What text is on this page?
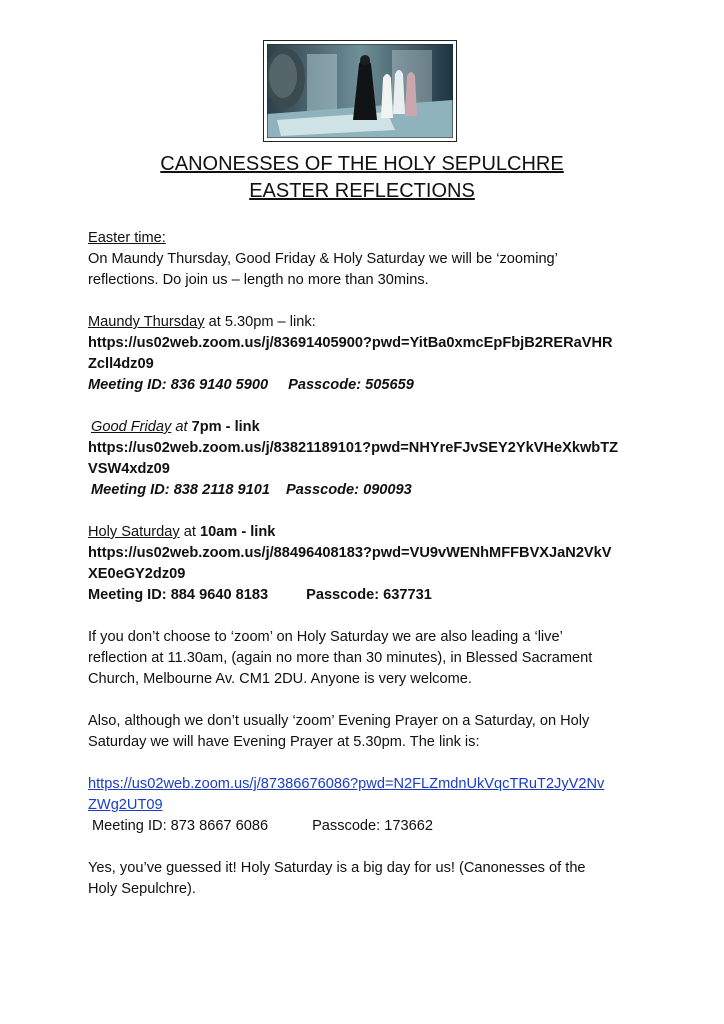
CANONESSES OF THE HOLY SEPULCHRE
EASTER REFLECTIONS
Easter time:
On Maundy Thursday, Good Friday & Holy Saturday we will be ‘zooming’
reflections. Do join us – length no more than 30mins.
Maundy Thursday at 5.30pm – link:
https://us02web.zoom.us/j/83691405900?pwd=YitBa0xmcEpFbjB2RERaVHR
Zcll4dz09
Meeting ID: 836 9140 5900 Passcode: 505659
Good Friday at 7pm - link
https://us02web.zoom.us/j/83821189101?pwd=NHYreFJvSEY2YkVHeXkwbTZ
VSW4xdz09
Meeting ID: 838 2118 9101 Passcode: 090093
Holy Saturday at 10am - link
https://us02web.zoom.us/j/88496408183?pwd=VU9vWENhMFFBVXJaN2VkV
XE0eGY2dz09
Meeting ID: 884 9640 8183	Passcode: 637731
If you don’t choose to ‘zoom’ on Holy Saturday we are also leading a ‘live’
reflection at 11.30am, (again no more than 30 minutes), in Blessed Sacrament
Church, Melbourne Av. CM1 2DU. Anyone is very welcome.
Also, although we don’t usually ‘zoom’ Evening Prayer on a Saturday, on Holy
Saturday we will have Evening Prayer at 5.30pm. The link is:
https://us02web.zoom.us/j/87386676086?pwd=N2FLZmdnUkVqcTRuT2JyV2Nv
ZWg2UT09
Meeting ID: 873 8667 6086	Passcode: 173662
Yes, you’ve guessed it! Holy Saturday is a big day for us! (Canonesses of the
Holy Sepulchre).
